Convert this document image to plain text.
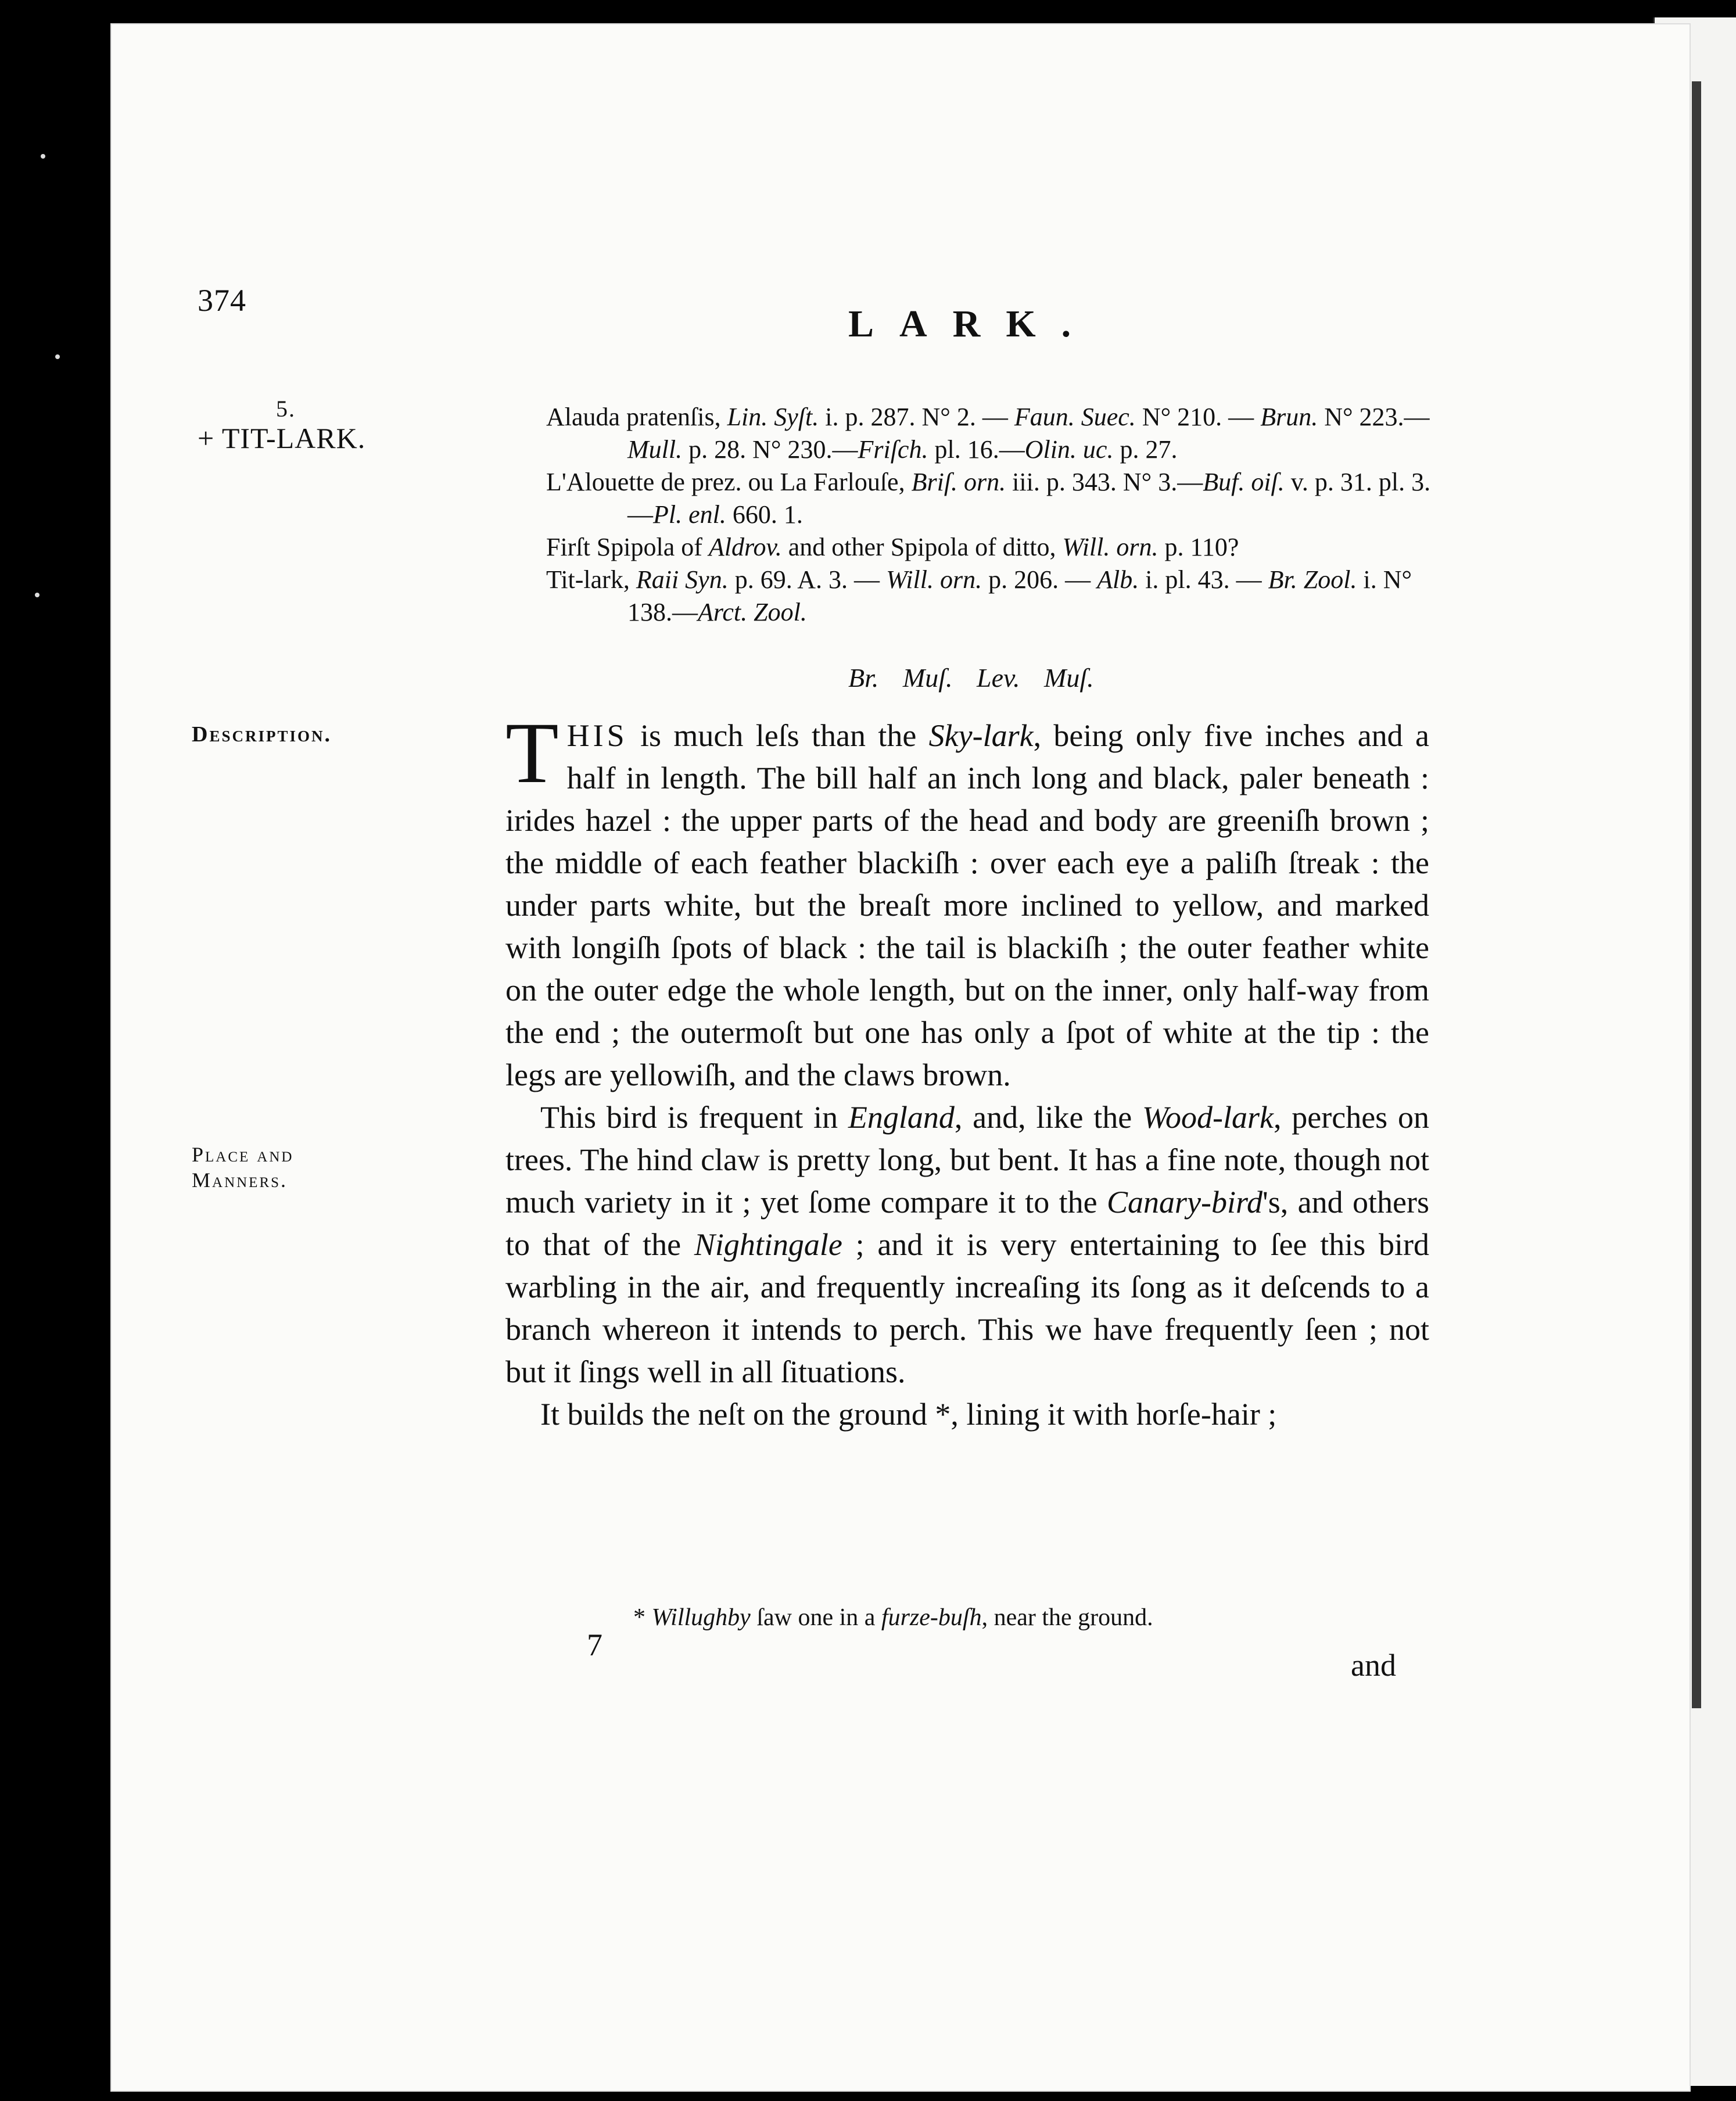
374
LARK.
5.
+ TIT-LARK.

Alauda pratenſis, Lin. Syſt. i. p. 287. N° 2. — Faun. Suec. N° 210. — Brun. N° 223.—Mull. p. 28. N° 230.—Friſch. pl. 16.—Olin. uc. p. 27.

L'Alouette de prez. ou La Farlouſe, Briſ. orn. iii. p. 343. N° 3.—Buf. oiſ. v. p. 31. pl. 3.—Pl. enl. 660. 1.

Firſt Spipola of Aldrov. and other Spipola of ditto, Will. orn. p. 110?

Tit-lark, Raii Syn. p. 69. A. 3. — Will. orn. p. 206. — Alb. i. pl. 43. — Br. Zool. i. N° 138.—Arct. Zool.

Br. Muſ. Lev. Muſ.
Description.
Place and
Manners.

THIS is much leſs than the Sky-lark, being only five inches and a half in length. The bill half an inch long and black, paler beneath : irides hazel : the upper parts of the head and body are greeniſh brown ; the middle of each feather blackiſh : over each eye a paliſh ſtreak : the under parts white, but the breaſt more inclined to yellow, and marked with longiſh ſpots of black : the tail is blackiſh ; the outer feather white on the outer edge the whole length, but on the inner, only half-way from the end ; the outermoſt but one has only a ſpot of white at the tip : the legs are yellowiſh, and the claws brown.

This bird is frequent in England, and, like the Wood-lark, perches on trees. The hind claw is pretty long, but bent. It has a fine note, though not much variety in it ; yet ſome compare it to the Canary-bird's, and others to that of the Nightingale ; and it is very entertaining to ſee this bird warbling in the air, and frequently increaſing its ſong as it deſcends to a branch whereon it intends to perch. This we have frequently ſeen ; not but it ſings well in all ſituations.

It builds the neſt on the ground *, lining it with horſe-hair ;

* Willughby ſaw one in a furze-buſh, near the ground.
7
and
